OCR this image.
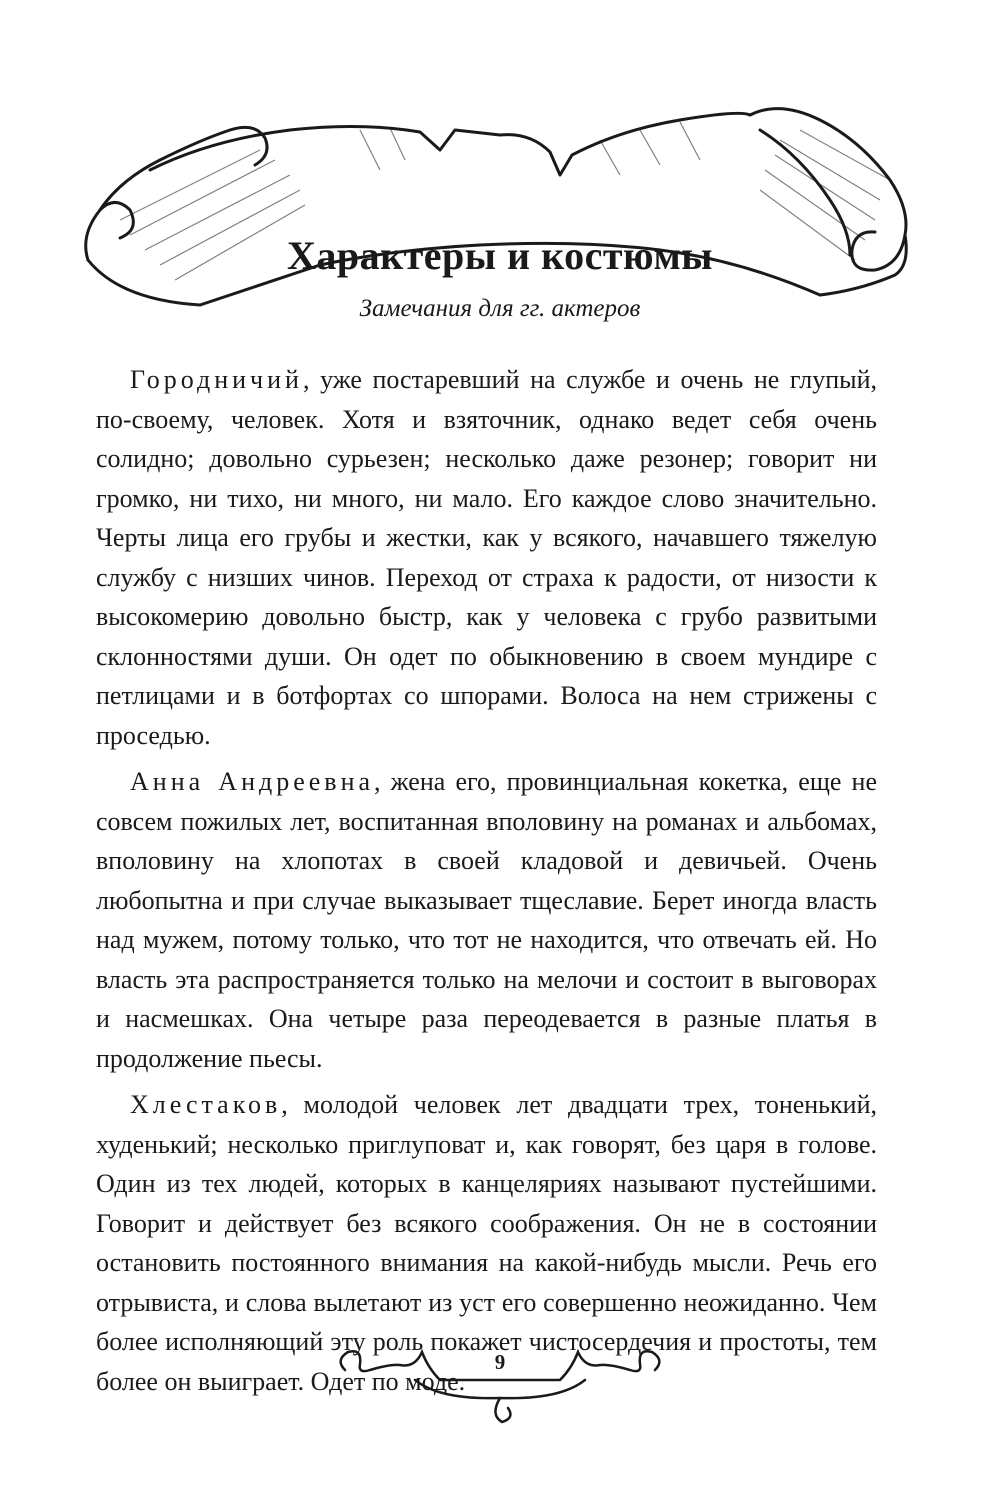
Характеры и костюмы

Замечания для гг. актеров

Городничий, уже постаревший на службе и очень не глупый, по-своему, человек. Хотя и взяточник, однако ведет себя очень солидно; довольно сурьезен; несколько даже резонер; говорит ни громко, ни тихо, ни много, ни мало. Его каждое слово значительно. Черты лица его грубы и жестки, как у всякого, начавшего тяжелую службу с низших чинов. Переход от страха к радости, от низости к высокомерию довольно быстр, как у человека с грубо развитыми склонностями души. Он одет по обыкновению в своем мундире с петлицами и в ботфортах со шпорами. Волоса на нем стрижены с проседью.

Анна Андреевна, жена его, провинциальная кокетка, еще не совсем пожилых лет, воспитанная вполовину на романах и альбомах, вполовину на хлопотах в своей кладовой и девичьей. Очень любопытна и при случае выказывает тщеславие. Берет иногда власть над мужем, потому только, что тот не находится, что отвечать ей. Но власть эта распространяется только на мелочи и состоит в выговорах и насмешках. Она четыре раза переодевается в разные платья в продолжение пьесы.

Хлестаков, молодой человек лет двадцати трех, тоненький, худенький; несколько приглуповат и, как говорят, без царя в голове. Один из тех людей, которых в канцеляриях называют пустейшими. Говорит и действует без всякого соображения. Он не в состоянии остановить постоянного внимания на какой-нибудь мысли. Речь его отрывиста, и слова вылетают из уст его совершенно неожиданно. Чем более исполняющий эту роль покажет чистосердечия и простоты, тем более он выиграет. Одет по моде.

9
